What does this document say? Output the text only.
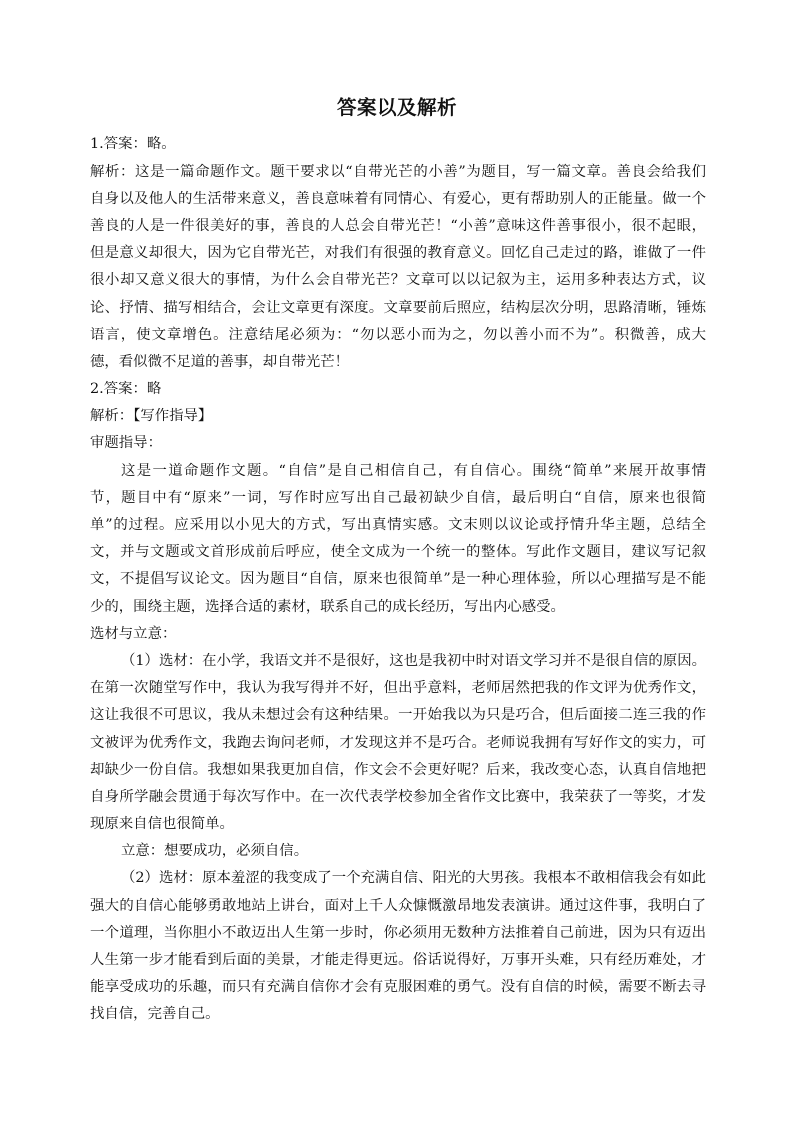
答案以及解析
1.答案：略。
解析：这是一篇命题作文。题干要求以“自带光芒的小善”为题目，写一篇文章。善良会给我们
自身以及他人的生活带来意义，善良意味着有同情心、有爱心，更有帮助别人的正能量。做一个
善良的人是一件很美好的事，善良的人总会自带光芒！“小善”意味这件善事很小，很不起眼，
但是意义却很大，因为它自带光芒，对我们有很强的教育意义。回忆自己走过的路，谁做了一件
很小却又意义很大的事情，为什么会自带光芒？文章可以以记叙为主，运用多种表达方式，议
论、抒情、描写相结合，会让文章更有深度。文章要前后照应，结构层次分明，思路清晰，锤炼
语言，使文章增色。注意结尾必须为：“勿以恶小而为之，勿以善小而不为”。积微善，成大
德，看似微不足道的善事，却自带光芒！
2.答案：略
解析：【写作指导】
审题指导：
这是一道命题作文题。“自信”是自己相信自己，有自信心。围绕“简单”来展开故事情
节，题目中有“原来”一词，写作时应写出自己最初缺少自信，最后明白“自信，原来也很简
单”的过程。应采用以小见大的方式，写出真情实感。文末则以议论或抒情升华主题，总结全
文，并与文题或文首形成前后呼应，使全文成为一个统一的整体。写此作文题目，建议写记叙
文，不提倡写议论文。因为题目“自信，原来也很简单”是一种心理体验，所以心理描写是不能
少的，围绕主题，选择合适的素材，联系自己的成长经历，写出内心感受。
选材与立意：
（1）选材：在小学，我语文并不是很好，这也是我初中时对语文学习并不是很自信的原因。
在第一次随堂写作中，我认为我写得并不好，但出乎意料，老师居然把我的作文评为优秀作文，
这让我很不可思议，我从未想过会有这种结果。一开始我以为只是巧合，但后面接二连三我的作
文被评为优秀作文，我跑去询问老师，才发现这并不是巧合。老师说我拥有写好作文的实力，可
却缺少一份自信。我想如果我更加自信，作文会不会更好呢？后来，我改变心态，认真自信地把
自身所学融会贯通于每次写作中。在一次代表学校参加全省作文比赛中，我荣获了一等奖，才发
现原来自信也很简单。
立意：想要成功，必须自信。
（2）选材：原本羞涩的我变成了一个充满自信、阳光的大男孩。我根本不敢相信我会有如此
强大的自信心能够勇敢地站上讲台，面对上千人众慷慨激昂地发表演讲。通过这件事，我明白了
一个道理，当你胆小不敢迈出人生第一步时，你必须用无数种方法推着自己前进，因为只有迈出
人生第一步才能看到后面的美景，才能走得更远。俗话说得好，万事开头难，只有经历难处，才
能享受成功的乐趣，而只有充满自信你才会有克服困难的勇气。没有自信的时候，需要不断去寻
找自信，完善自己。
